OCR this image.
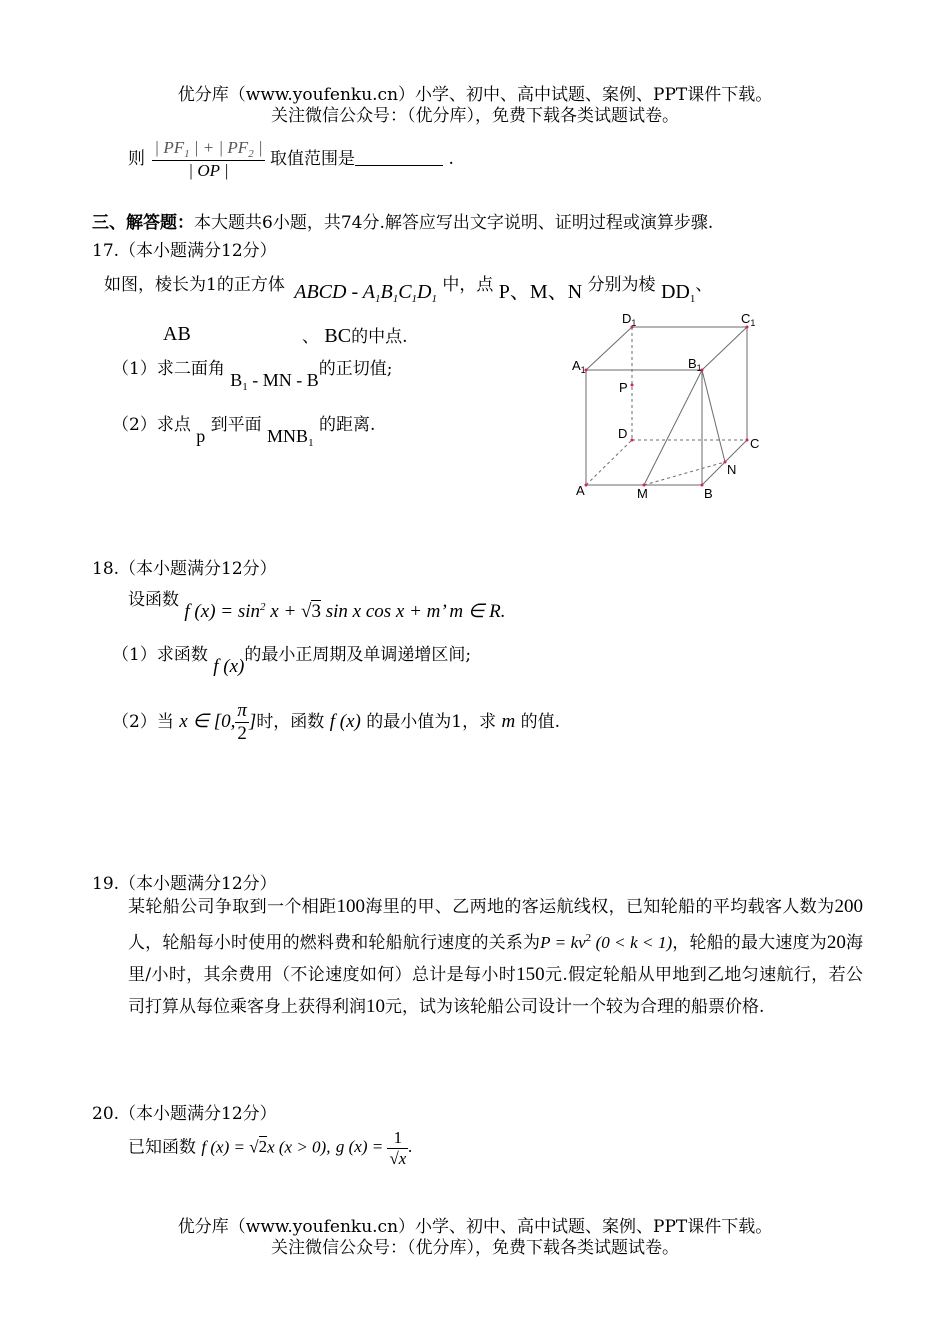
优分库（www.youfenku.cn）小学、初中、高中试题、案例、PPT课件下载。
关注微信公众号：（优分库），免费下载各类试题试卷。
则 $\frac{| PF_1 | + | PF_2 |}{| OP |}$ 取值范围是	.
三、解答题：本大题共6小题，共74分.解答应写出文字说明、证明过程或演算步骤.
17.（本小题满分12分）
如图，棱长为1的正方体 ABCD - $A_1B_1C_1D_1$ 中，点 P、M、N 分别为棱 $DD_1$、
AB	、 BC的中点.
（1）求二面角 $B_1$ - MN - B的正切值;
（2）求点 p 到平面 $MNB_1$ 的距离.
$D_1$	$C_1$
$A_1$	$B_1$
P
D
C
N
A	M	B
18.（本小题满分12分）
设函数 f $(x) = \sin^2 x + √3$ sin x cos x + m’ m ∈ R.
（1）求函数 f (x)的最小正周期及单调递增区间;
（2）当 x ∈ [0, $\frac{\pi}{2}$ ]时，函数 f (x) 的最小值为1，求 m 的值.
19.（本小题满分12分）
某轮船公司争取到一个相距100海里的甲、乙两地的客运航线权，已知轮船的平均载客人数为200人，轮船每小时使用的燃料费和轮船航行速度的关系为$P = kv^2$ (0 < k < 1)，轮船的最大速度为20海里/小时，其余费用（不论速度如何）总计是每小时150元.假定轮船从甲地到乙地匀速航行，若公司打算从每位乘客身上获得利润10元，试为该轮船公司设计一个较为合理的船票价格.
20.（本小题满分12分）
已知函数 f (x) = √2x (x > 0), g $(x) = \frac{1}{√x}$ .
优分库（www.youfenku.cn）小学、初中、高中试题、案例、PPT课件下载。
关注微信公众号：（优分库），免费下载各类试题试卷。
